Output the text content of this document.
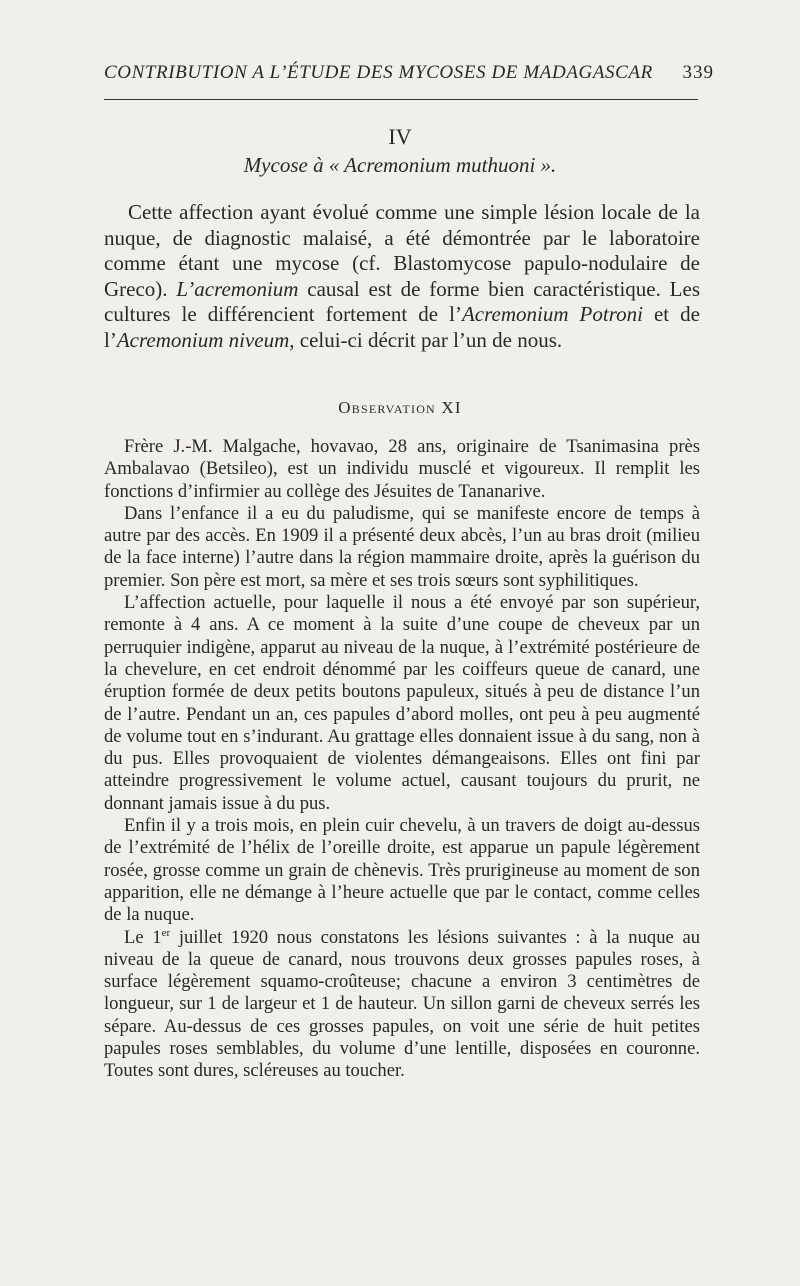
CONTRIBUTION A L’ÉTUDE DES MYCOSES DE MADAGASCAR 339
IV
Mycose à « Acremonium muthuoni ».

Cette affection ayant évolué comme une simple lésion locale de la nuque, de diagnostic malaisé, a été démontrée par le laboratoire comme étant une mycose (cf. Blastomycose papulo-nodulaire de Greco). L’acremonium causal est de forme bien caractéristique. Les cultures le différencient fortement de l’Acremonium Potroni et de l’Acremonium niveum, celui-ci décrit par l’un de nous.

Observation XI

Frère J.-M. Malgache, hovavao, 28 ans, originaire de Tsanimasina près Ambalavao (Betsileo), est un individu musclé et vigoureux. Il remplit les fonctions d’infirmier au collège des Jésuites de Tananarive.

Dans l’enfance il a eu du paludisme, qui se manifeste encore de temps à autre par des accès. En 1909 il a présenté deux abcès, l’un au bras droit (milieu de la face interne) l’autre dans la région mammaire droite, après la guérison du premier. Son père est mort, sa mère et ses trois sœurs sont syphilitiques.

L’affection actuelle, pour laquelle il nous a été envoyé par son supérieur, remonte à 4 ans. A ce moment à la suite d’une coupe de cheveux par un perruquier indigène, apparut au niveau de la nuque, à l’extrémité postérieure de la chevelure, en cet endroit dénommé par les coiffeurs queue de canard, une éruption formée de deux petits boutons papuleux, situés à peu de distance l’un de l’autre. Pendant un an, ces papules d’abord molles, ont peu à peu augmenté de volume tout en s’indurant. Au grattage elles donnaient issue à du sang, non à du pus. Elles provoquaient de violentes démangeaisons. Elles ont fini par atteindre progressivement le volume actuel, causant toujours du prurit, ne donnant jamais issue à du pus.

Enfin il y a trois mois, en plein cuir chevelu, à un travers de doigt au-dessus de l’extrémité de l’hélix de l’oreille droite, est apparue un papule légèrement rosée, grosse comme un grain de chènevis. Très prurigineuse au moment de son apparition, elle ne démange à l’heure actuelle que par le contact, comme celles de la nuque.

Le 1er juillet 1920 nous constatons les lésions suivantes : à la nuque au niveau de la queue de canard, nous trouvons deux grosses papules roses, à surface légèrement squamo-croûteuse; chacune a environ 3 centimètres de longueur, sur 1 de largeur et 1 de hauteur. Un sillon garni de cheveux serrés les sépare. Au-dessus de ces grosses papules, on voit une série de huit petites papules roses semblables, du volume d’une lentille, disposées en couronne. Toutes sont dures, scléreuses au toucher.
